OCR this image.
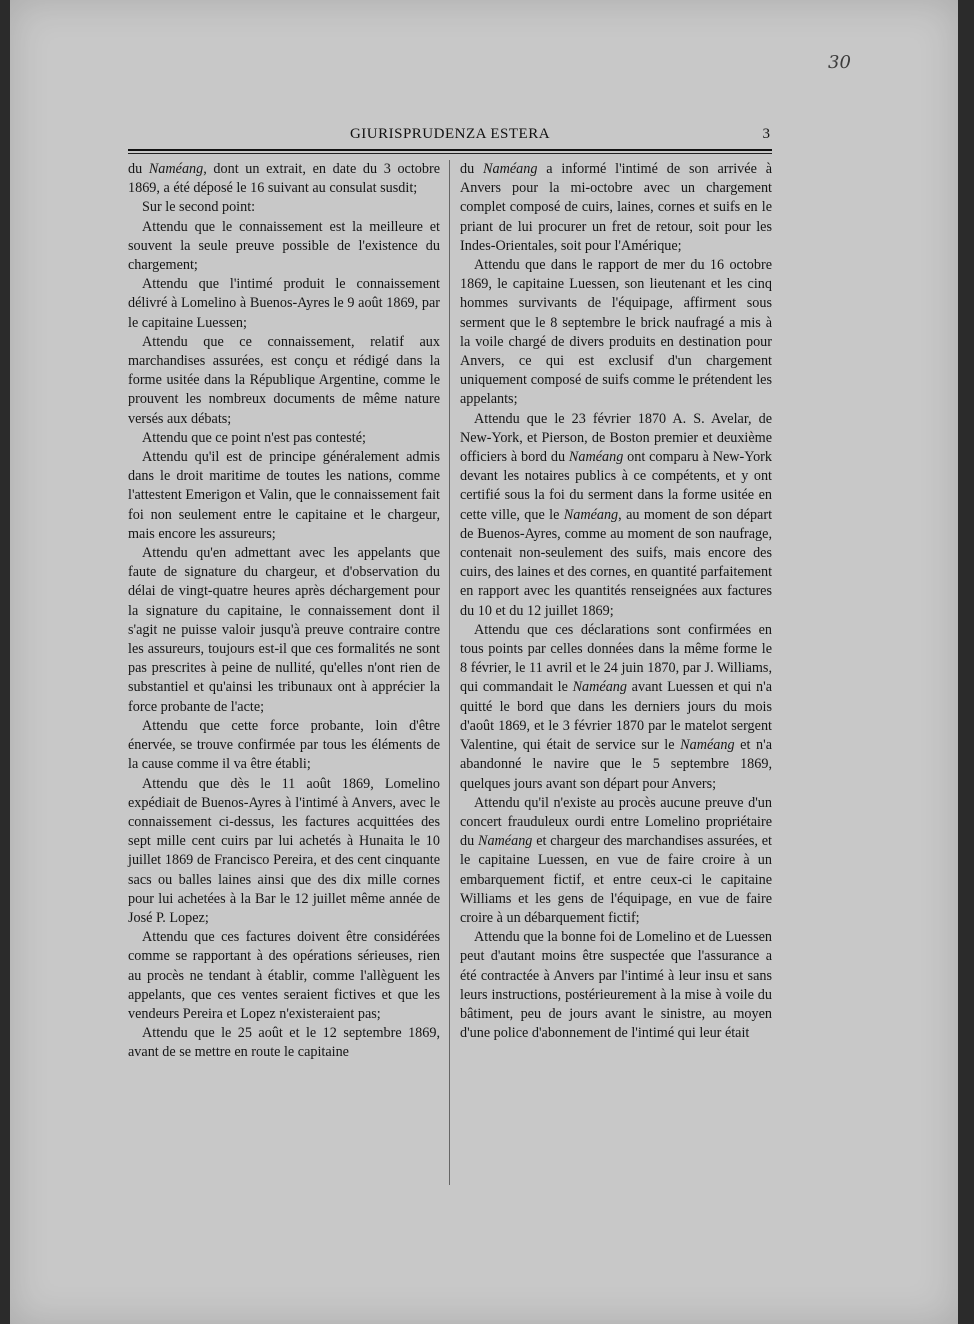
30
GIURISPRUDENZA ESTERA	3

du Naméang, dont un extrait, en date du 3 octobre 1869, a été déposé le 16 suivant au consulat susdit;

Sur le second point:

Attendu que le connaissement est la meilleure et souvent la seule preuve possible de l'existence du chargement;

Attendu que l'intimé produit le connaissement délivré à Lomelino à Buenos-Ayres le 9 août 1869, par le capitaine Luessen;

Attendu que ce connaissement, relatif aux marchandises assurées, est conçu et rédigé dans la forme usitée dans la République Argentine, comme le prouvent les nombreux documents de même nature versés aux débats;

Attendu que ce point n'est pas contesté;

Attendu qu'il est de principe généralement admis dans le droit maritime de toutes les nations, comme l'attestent Emerigon et Valin, que le connaissement fait foi non seulement entre le capitaine et le chargeur, mais encore les assureurs;

Attendu qu'en admettant avec les appelants que faute de signature du chargeur, et d'observation du délai de vingt-quatre heures après déchargement pour la signature du capitaine, le connaissement dont il s'agit ne puisse valoir jusqu'à preuve contraire contre les assureurs, toujours est-il que ces formalités ne sont pas prescrites à peine de nullité, qu'elles n'ont rien de substantiel et qu'ainsi les tribunaux ont à apprécier la force probante de l'acte;

Attendu que cette force probante, loin d'être énervée, se trouve confirmée par tous les éléments de la cause comme il va être établi;

Attendu que dès le 11 août 1869, Lomelino expédiait de Buenos-Ayres à l'intimé à Anvers, avec le connaissement ci-dessus, les factures acquittées des sept mille cent cuirs par lui achetés à Hunaita le 10 juillet 1869 de Francisco Pereira, et des cent cinquante sacs ou balles laines ainsi que des dix mille cornes pour lui achetées à la Bar le 12 juillet même année de José P. Lopez;

Attendu que ces factures doivent être considérées comme se rapportant à des opérations sérieuses, rien au procès ne tendant à établir, comme l'allèguent les appelants, que ces ventes seraient fictives et que les vendeurs Pereira et Lopez n'existeraient pas;

Attendu que le 25 août et le 12 septembre 1869, avant de se mettre en route le capitaine

du Naméang a informé l'intimé de son arrivée à Anvers pour la mi-octobre avec un chargement complet composé de cuirs, laines, cornes et suifs en le priant de lui procurer un fret de retour, soit pour les Indes-Orientales, soit pour l'Amérique;

Attendu que dans le rapport de mer du 16 octobre 1869, le capitaine Luessen, son lieutenant et les cinq hommes survivants de l'équipage, affirment sous serment que le 8 septembre le brick naufragé a mis à la voile chargé de divers produits en destination pour Anvers, ce qui est exclusif d'un chargement uniquement composé de suifs comme le prétendent les appelants;

Attendu que le 23 février 1870 A. S. Avelar, de New-York, et Pierson, de Boston premier et deuxième officiers à bord du Naméang ont comparu à New-York devant les notaires publics à ce compétents, et y ont certifié sous la foi du serment dans la forme usitée en cette ville, que le Naméang, au moment de son départ de Buenos-Ayres, comme au moment de son naufrage, contenait non-seulement des suifs, mais encore des cuirs, des laines et des cornes, en quantité parfaitement en rapport avec les quantités renseignées aux factures du 10 et du 12 juillet 1869;

Attendu que ces déclarations sont confirmées en tous points par celles données dans la même forme le 8 février, le 11 avril et le 24 juin 1870, par J. Williams, qui commandait le Naméang avant Luessen et qui n'a quitté le bord que dans les derniers jours du mois d'août 1869, et le 3 février 1870 par le matelot sergent Valentine, qui était de service sur le Naméang et n'a abandonné le navire que le 5 septembre 1869, quelques jours avant son départ pour Anvers;

Attendu qu'il n'existe au procès aucune preuve d'un concert frauduleux ourdi entre Lomelino propriétaire du Naméang et chargeur des marchandises assurées, et le capitaine Luessen, en vue de faire croire à un embarquement fictif, et entre ceux-ci le capitaine Williams et les gens de l'équipage, en vue de faire croire à un débarquement fictif;

Attendu que la bonne foi de Lomelino et de Luessen peut d'autant moins être suspectée que l'assurance a été contractée à Anvers par l'intimé à leur insu et sans leurs instructions, postérieurement à la mise à voile du bâtiment, peu de jours avant le sinistre, au moyen d'une police d'abonnement de l'intimé qui leur était
